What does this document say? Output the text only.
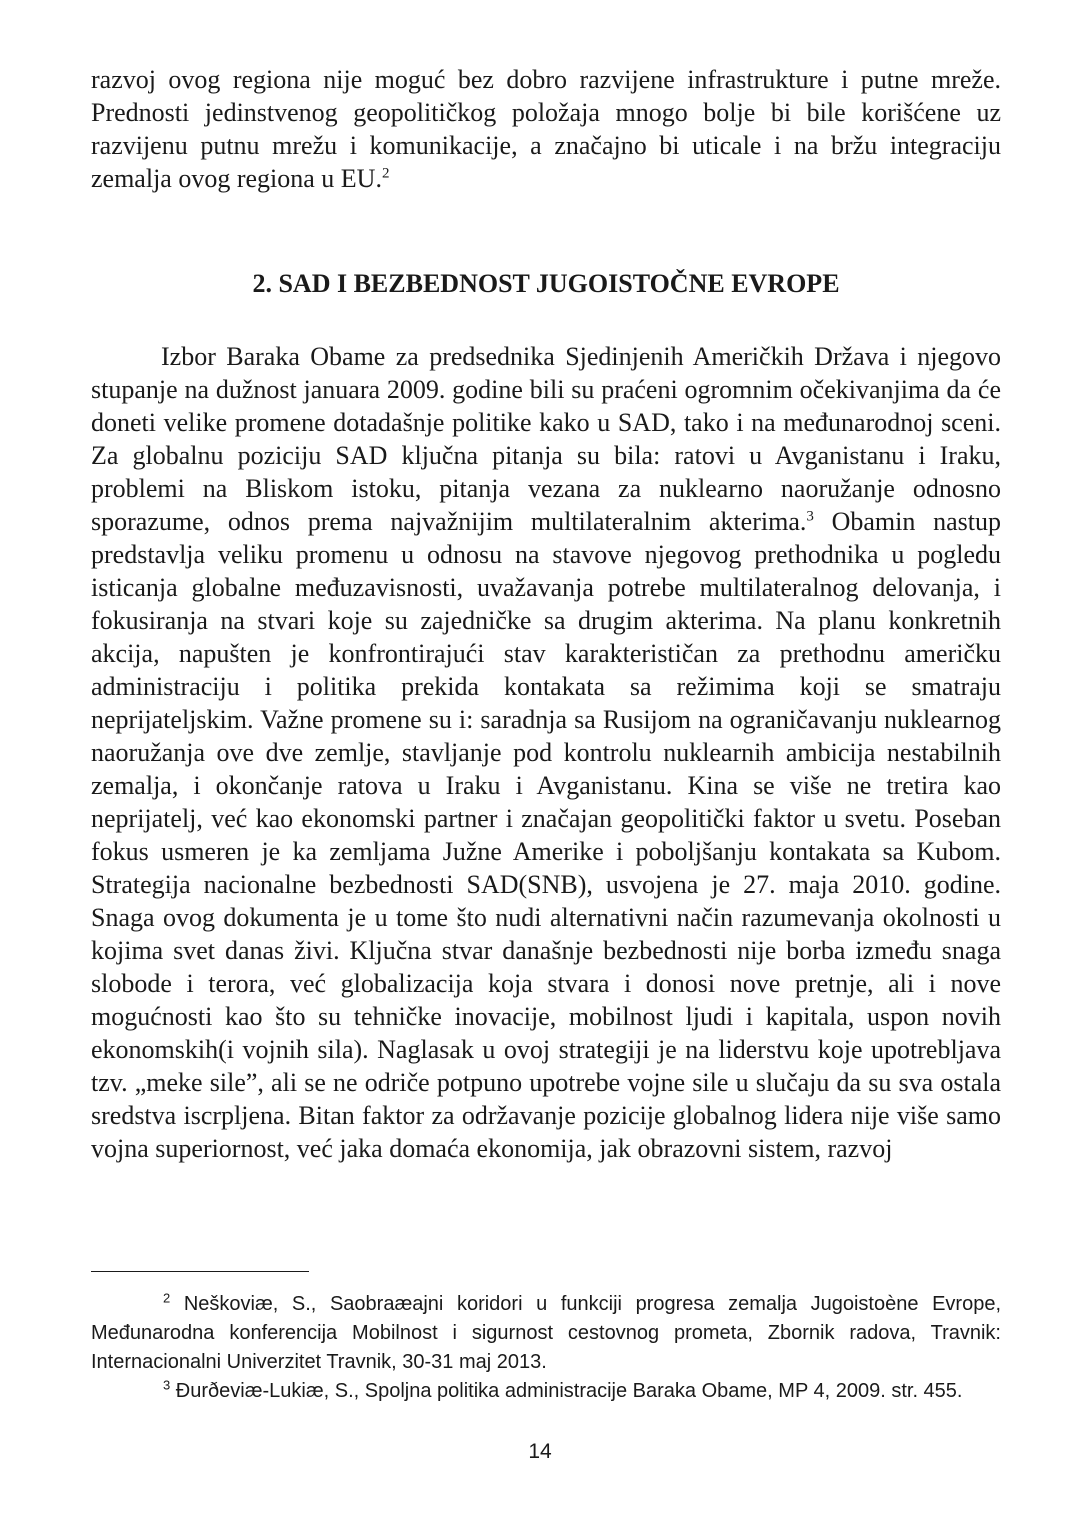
razvoj ovog regiona nije moguć bez dobro razvijene infrastrukture i putne mreže. Prednosti jedinstvenog geopolitičkog položaja mnogo bolje bi bile korišćene uz razvijenu putnu mrežu i komunikacije, a značajno bi uticale i na bržu integraciju zemalja ovog regiona u EU.$^2$

2. SAD I BEZBEDNOST JUGOISTOČNE EVROPE

Izbor Baraka Obame za predsednika Sjedinjenih Američkih Država i njegovo stupanje na dužnost januara 2009. godine bili su praćeni ogromnim očekivanjima da će doneti velike promene dotadašnje politike kako u SAD, tako i na međunarodnoj sceni. Za globalnu poziciju SAD ključna pitanja su bila: ratovi u Avganistanu i Iraku, problemi na Bliskom istoku, pitanja vezana za nuklearno naoružanje odnosno sporazume, odnos prema najvažnijim multilateralnim akterima.$^3$ Obamin nastup predstavlja veliku promenu u odnosu na stavove njegovog prethodnika u pogledu isticanja globalne međuzavisnosti, uvažavanja potrebe multilateralnog delovanja, i fokusiranja na stvari koje su zajedničke sa drugim akterima. Na planu konkretnih akcija, napušten je konfrontirajući stav karakterističan za prethodnu američku administraciju i politika prekida kontakata sa režimima koji se smatraju neprijateljskim. Važne promene su i: saradnja sa Rusijom na ograničavanju nuklearnog naoružanja ove dve zemlje, stavljanje pod kontrolu nuklearnih ambicija nestabilnih zemalja, i okončanje ratova u Iraku i Avganistanu. Kina se više ne tretira kao neprijatelj, već kao ekonomski partner i značajan geopolitički faktor u svetu. Poseban fokus usmeren je ka zemljama Južne Amerike i poboljšanju kontakata sa Kubom. Strategija nacionalne bezbednosti SAD(SNB), usvojena je 27. maja 2010. godine. Snaga ovog dokumenta je u tome što nudi alternativni način razumevanja okolnosti u kojima svet danas živi. Ključna stvar današnje bezbednosti nije borba između snaga slobode i terora, već globalizacija koja stvara i donosi nove pretnje, ali i nove mogućnosti kao što su tehničke inovacije, mobilnost ljudi i kapitala, uspon novih ekonomskih(i vojnih sila). Naglasak u ovoj strategiji je na liderstvu koje upotrebljava tzv. „meke sile”, ali se ne odriče potpuno upotrebe vojne sile u slučaju da su sva ostala sredstva iscrpljena. Bitan faktor za održavanje pozicije globalnog lidera nije više samo vojna superiornost, već jaka domaća ekonomija, jak obrazovni sistem, razvoj

$^2$ Neškoviæ, S., Saobraæajni koridori u funkciji progresa zemalja Jugoistoène Evrope, Međunarodna konferencija Mobilnost i sigurnost cestovnog prometa, Zbornik radova, Travnik: Internacionalni Univerzitet Travnik, 30-31 maj 2013.

$^3$ Đurðeviæ-Lukiæ, S., Spoljna politika administracije Baraka Obame, MP 4, 2009. str. 455.

14
